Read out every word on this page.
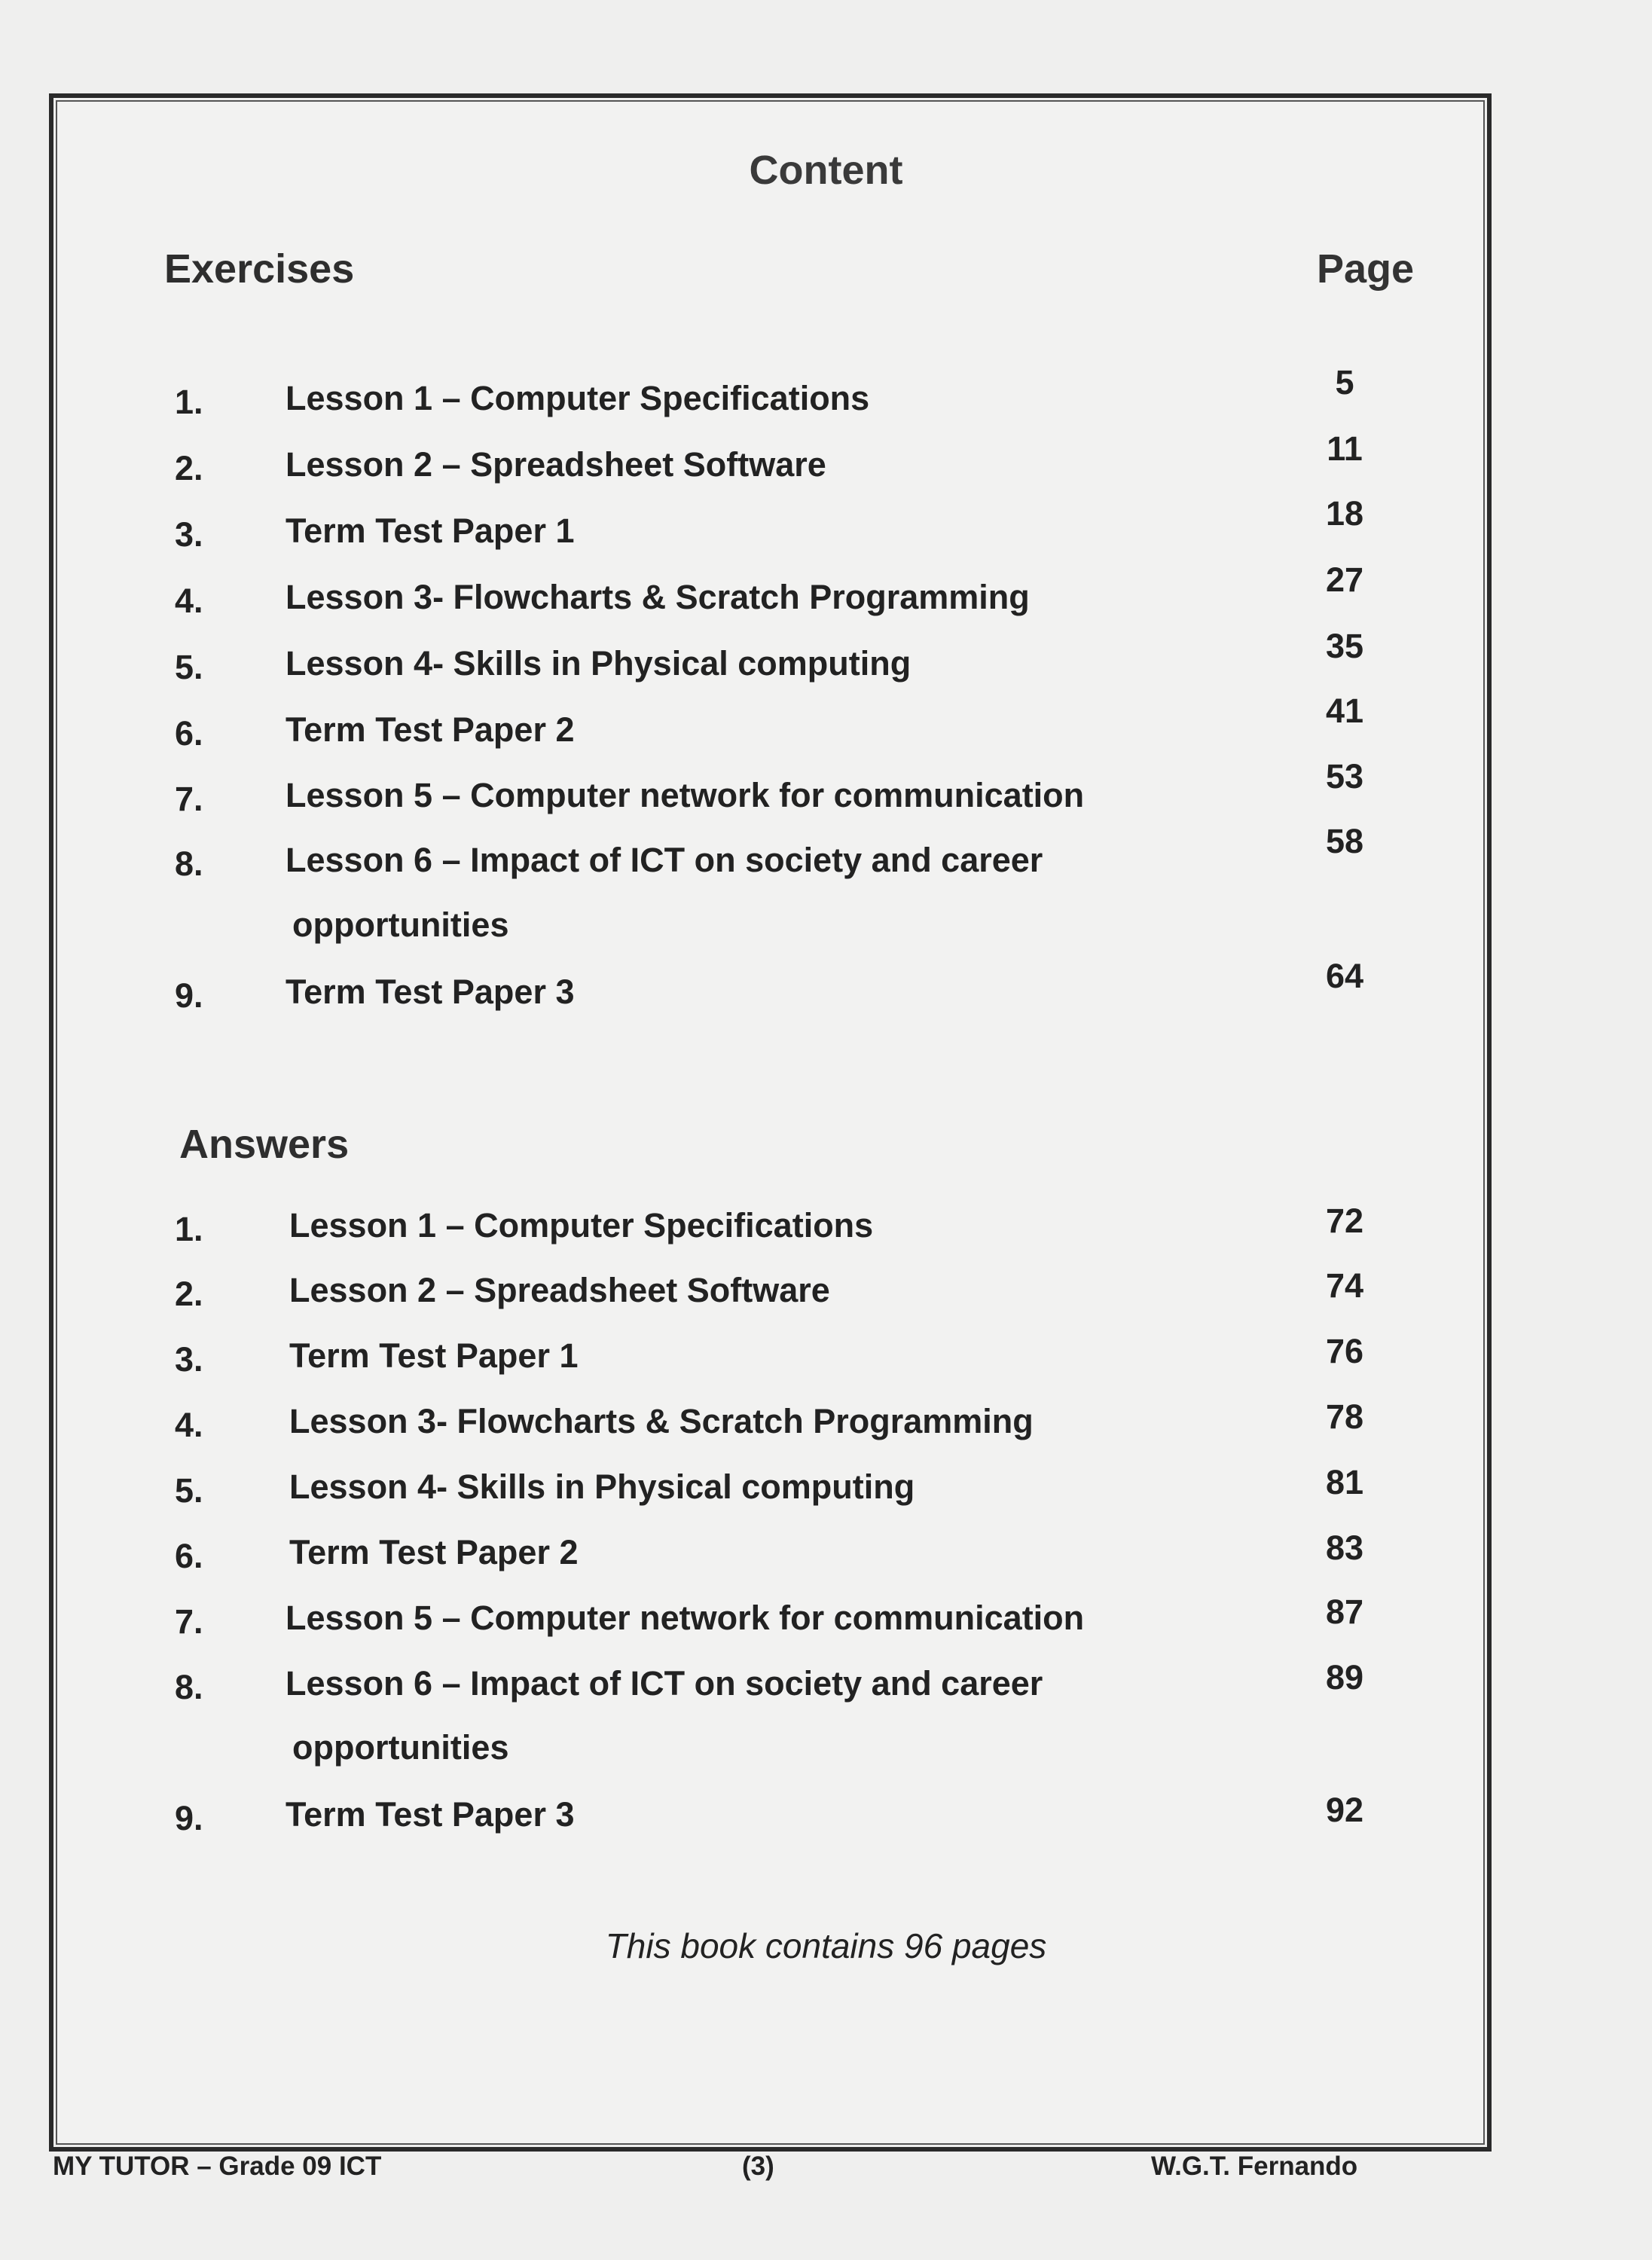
Content
Exercises	Page
1.	Lesson 1 – Computer Specifications	5
2.	Lesson 2 – Spreadsheet Software	11
3.	Term Test Paper 1	18
4.	Lesson 3- Flowcharts & Scratch Programming	27
5.	Lesson 4- Skills in Physical computing	35
6.	Term Test Paper 2	41
7.	Lesson 5 – Computer network for communication	53
8.	Lesson 6 – Impact of ICT on society and career	58
opportunities
9.	Term Test Paper 3	64
Answers
1.	Lesson 1 – Computer Specifications	72
2.	Lesson 2 – Spreadsheet Software	74
3.	Term Test Paper 1	76
4.	Lesson 3- Flowcharts & Scratch Programming	78
5.	Lesson 4- Skills in Physical computing	81
6.	Term Test Paper 2	83
7.	Lesson 5 – Computer network for communication	87
8.	Lesson 6 – Impact of ICT on society and career	89
opportunities
9.	Term Test Paper 3	92
This book contains 96 pages
MY TUTOR – Grade 09 ICT	(3)	W.G.T. Fernando
